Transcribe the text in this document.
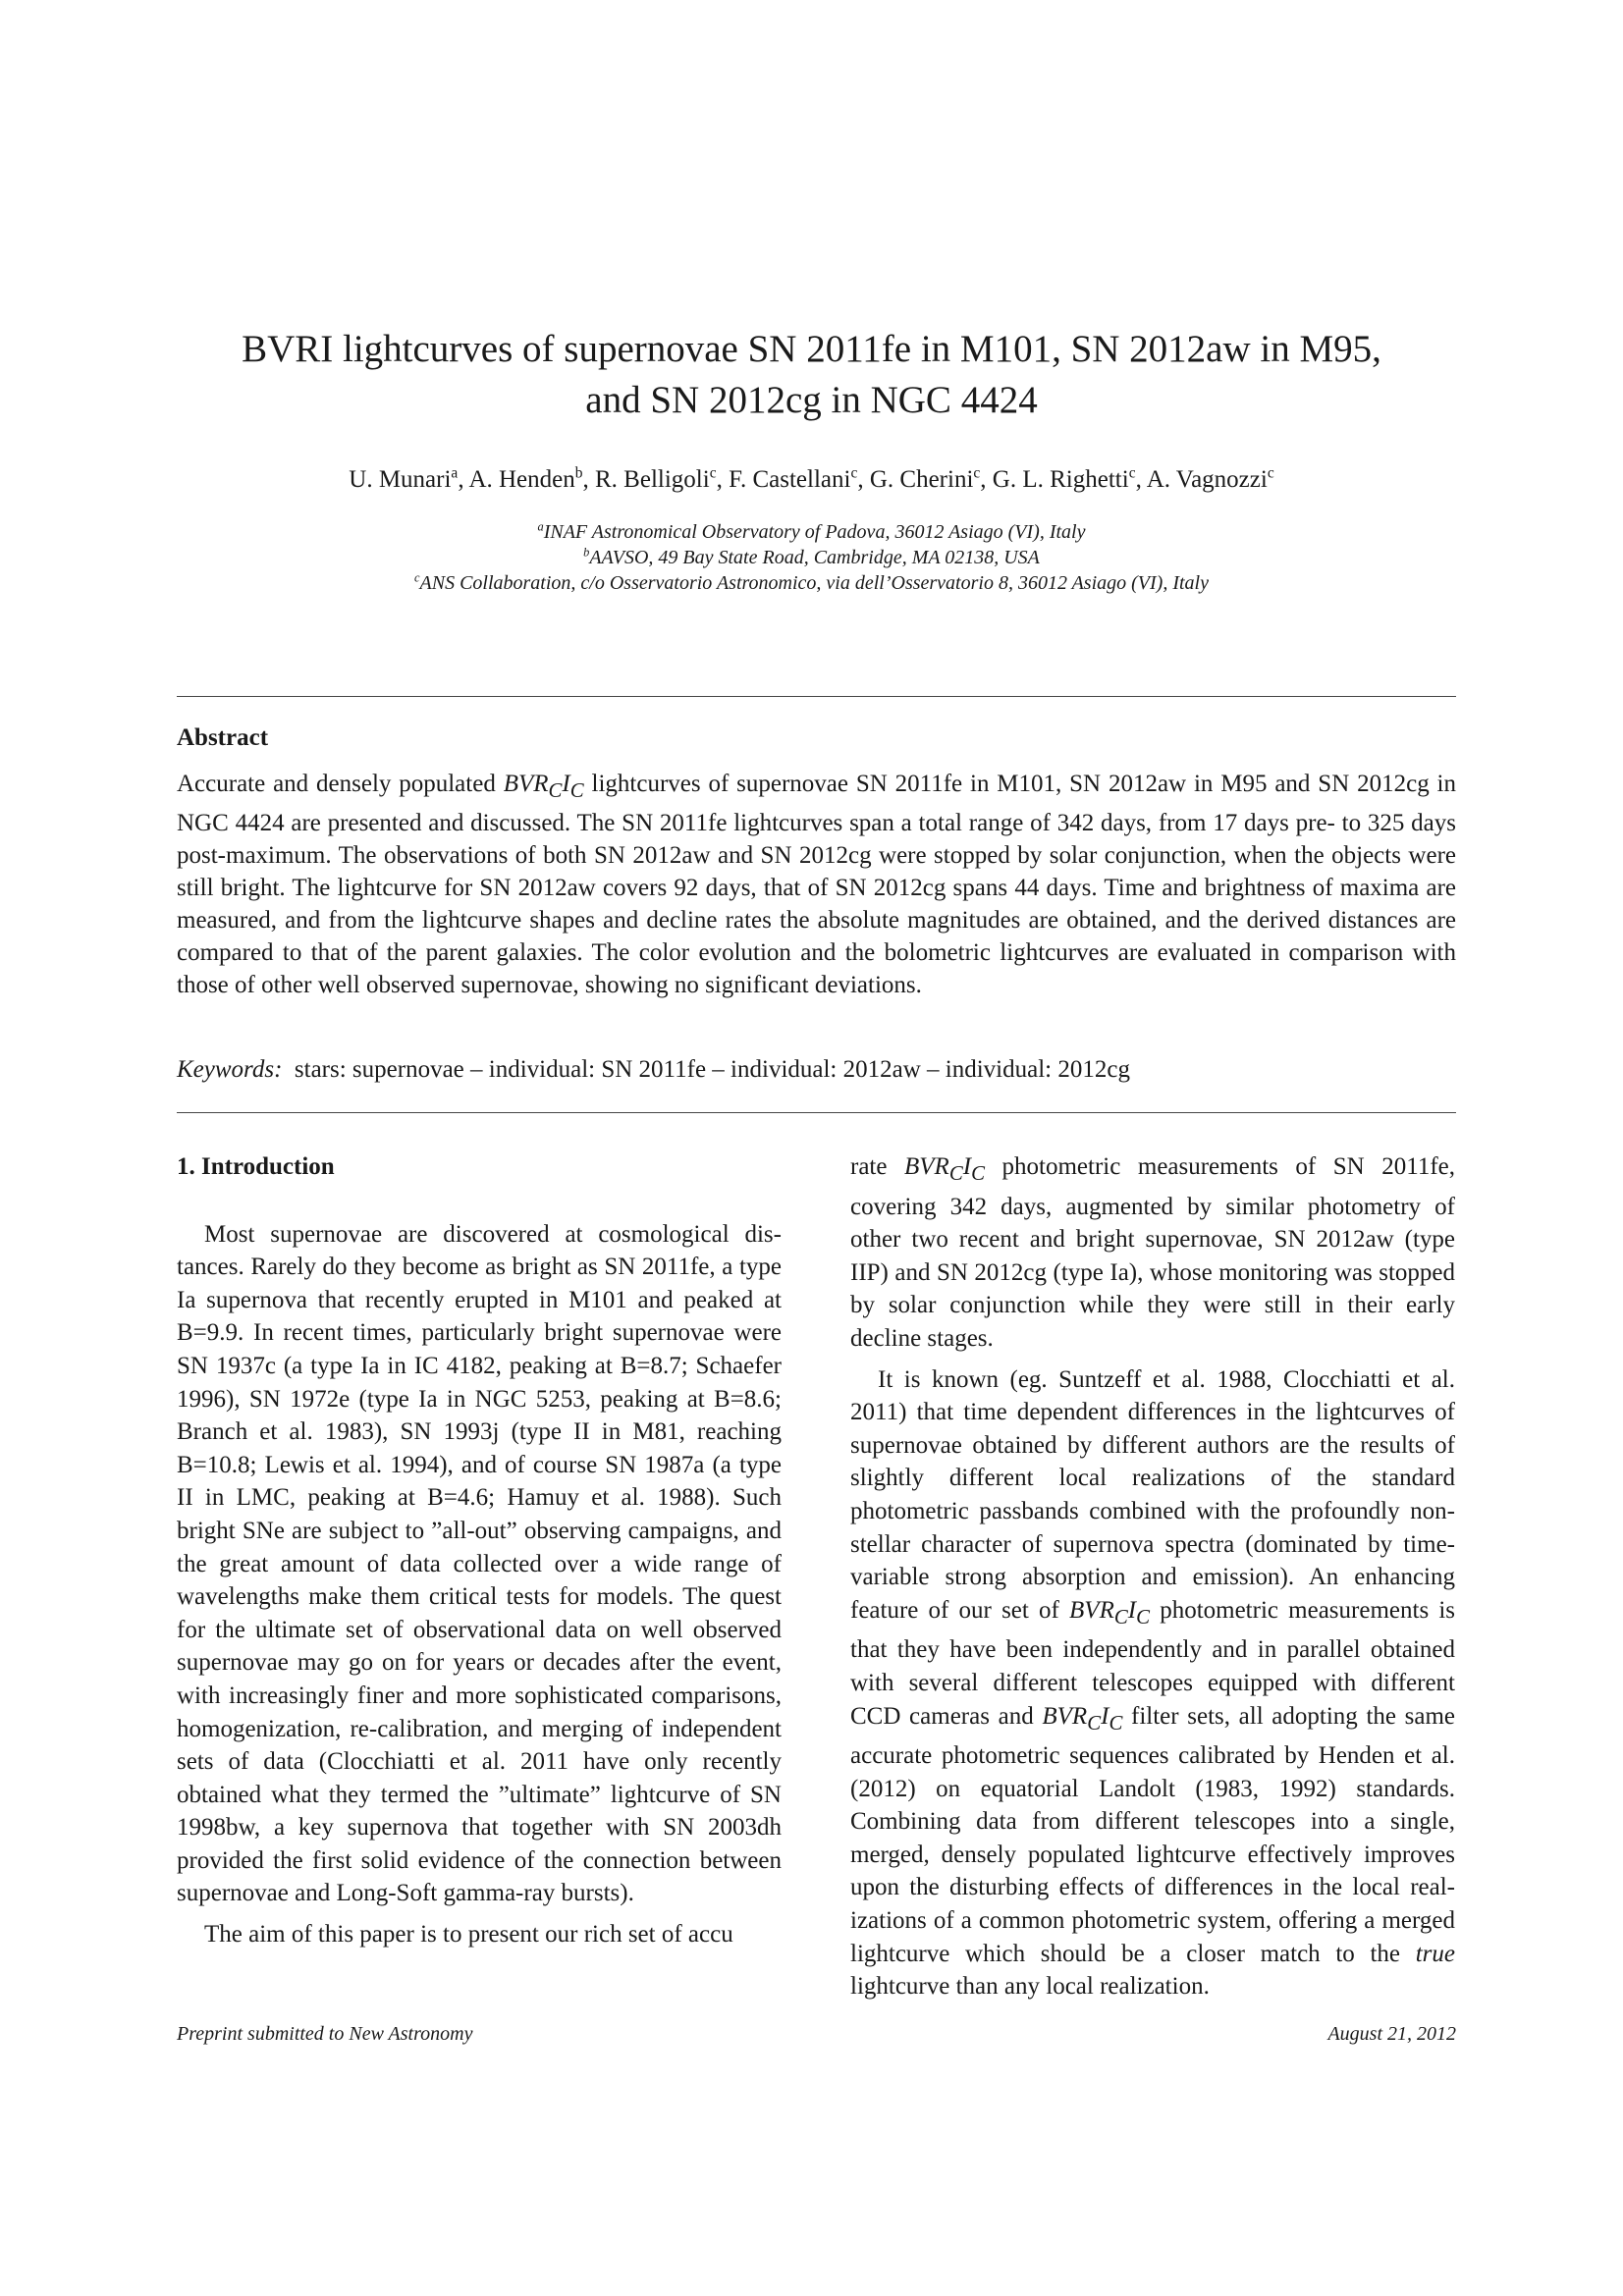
BVRI lightcurves of supernovae SN 2011fe in M101, SN 2012aw in M95,
and SN 2012cg in NGC 4424
U. Munari$^a$, A. Henden$^b$, R. Belligoli$^c$, F. Castellani$^c$, G. Cherini$^c$, G. L. Righetti$^c$, A. Vagnozzi$^c$
$^a$INAF Astronomical Observatory of Padova, 36012 Asiago (VI), Italy
$^b$AAVSO, 49 Bay State Road, Cambridge, MA 02138, USA
$^c$ANS Collaboration, c/o Osservatorio Astronomico, via dell’Osservatorio 8, 36012 Asiago (VI), Italy
Abstract
Accurate and densely populated $BVR_CI_C$ lightcurves of supernovae SN 2011fe in M101, SN 2012aw in M95 and SN 2012cg in NGC 4424 are presented and discussed. The SN 2011fe lightcurves span a total range of 342 days, from 17 days pre- to 325 days post-maximum. The observations of both SN 2012aw and SN 2012cg were stopped by solar conjunction, when the objects were still bright. The lightcurve for SN 2012aw covers 92 days, that of SN 2012cg spans 44 days. Time and brightness of maxima are measured, and from the lightcurve shapes and decline rates the absolute magnitudes are obtained, and the derived distances are compared to that of the parent galaxies. The color evolution and the bolometric lightcurves are evaluated in comparison with those of other well observed supernovae, showing no significant deviations.
Keywords: stars: supernovae – individual: SN 2011fe – individual: 2012aw – individual: 2012cg
1. Introduction

Most supernovae are discovered at cosmological distances. Rarely do they become as bright as SN 2011fe, a type Ia supernova that recently erupted in M101 and peaked at B=9.9. In recent times, particularly bright supernovae were SN 1937c (a type Ia in IC 4182, peaking at B=8.7; Schaefer 1996), SN 1972e (type Ia in NGC 5253, peaking at B=8.6; Branch et al. 1983), SN 1993j (type II in M81, reaching B=10.8; Lewis et al. 1994), and of course SN 1987a (a type II in LMC, peaking at B=4.6; Hamuy et al. 1988). Such bright SNe are subject to ”all-out” observing campaigns, and the great amount of data collected over a wide range of wavelengths make them critical tests for models. The quest for the ultimate set of observational data on well observed supernovae may go on for years or decades after the event, with increasingly finer and more sophisticated comparisons, homogenization, re-calibration, and merging of independent sets of data (Clocchiatti et al. 2011 have only recently obtained what they termed the ”ultimate” lightcurve of SN 1998bw, a key supernova that together with SN 2003dh provided the first solid evidence of the connection between supernovae and Long-Soft gamma-ray bursts).

The aim of this paper is to present our rich set of accu

rate $BVR_CI_C$ photometric measurements of SN 2011fe, covering 342 days, augmented by similar photometry of other two recent and bright supernovae, SN 2012aw (type IIP) and SN 2012cg (type Ia), whose monitoring was stopped by solar conjunction while they were still in their early decline stages.

It is known (eg. Suntzeff et al. 1988, Clocchiatti et al. 2011) that time dependent differences in the lightcurves of supernovae obtained by different authors are the results of slightly different local realizations of the standard photometric passbands combined with the profoundly non-stellar character of supernova spectra (dominated by time-variable strong absorption and emission). An enhancing feature of our set of $BVR_CI_C$ photometric measurements is that they have been independently and in parallel obtained with several different telescopes equipped with different CCD cameras and $BVR_CI_C$ filter sets, all adopting the same accurate photometric sequences calibrated by Henden et al. (2012) on equatorial Landolt (1983, 1992) standards. Combining data from different telescopes into a single, merged, densely populated lightcurve effectively improves upon the disturbing effects of differences in the local realizations of a common photometric system, offering a merged lightcurve which should be a closer match to the true lightcurve than any local realization.

Preprint submitted to New Astronomy	August 21, 2012
